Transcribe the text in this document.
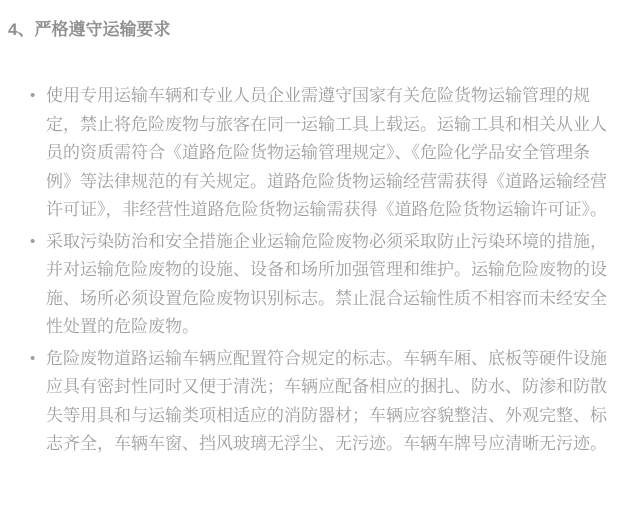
4、严格遵守运输要求
• 使用专用运输车辆和专业人员企业需遵守国家有关危险货物运输管理的规定，禁止将危险废物与旅客在同一运输工具上载运。运输工具和相关从业人员的资质需符合《道路危险货物运输管理规定》、《危险化学品安全管理条例》等法律规范的有关规定。道路危险货物运输经营需获得《道路运输经营许可证》，非经营性道路危险货物运输需获得《道路危险货物运输许可证》。
• 采取污染防治和安全措施企业运输危险废物必须采取防止污染环境的措施，并对运输危险废物的设施、设备和场所加强管理和维护。运输危险废物的设施、场所必须设置危险废物识别标志。禁止混合运输性质不相容而未经安全性处置的危险废物。
• 危险废物道路运输车辆应配置符合规定的标志。车辆车厢、底板等硬件设施应具有密封性同时又便于清洗；车辆应配备相应的捆扎、防水、防渗和防散失等用具和与运输类项相适应的消防器材；车辆应容貌整洁、外观完整、标志齐全，车辆车窗、挡风玻璃无浮尘、无污迹。车辆车牌号应清晰无污迹。
